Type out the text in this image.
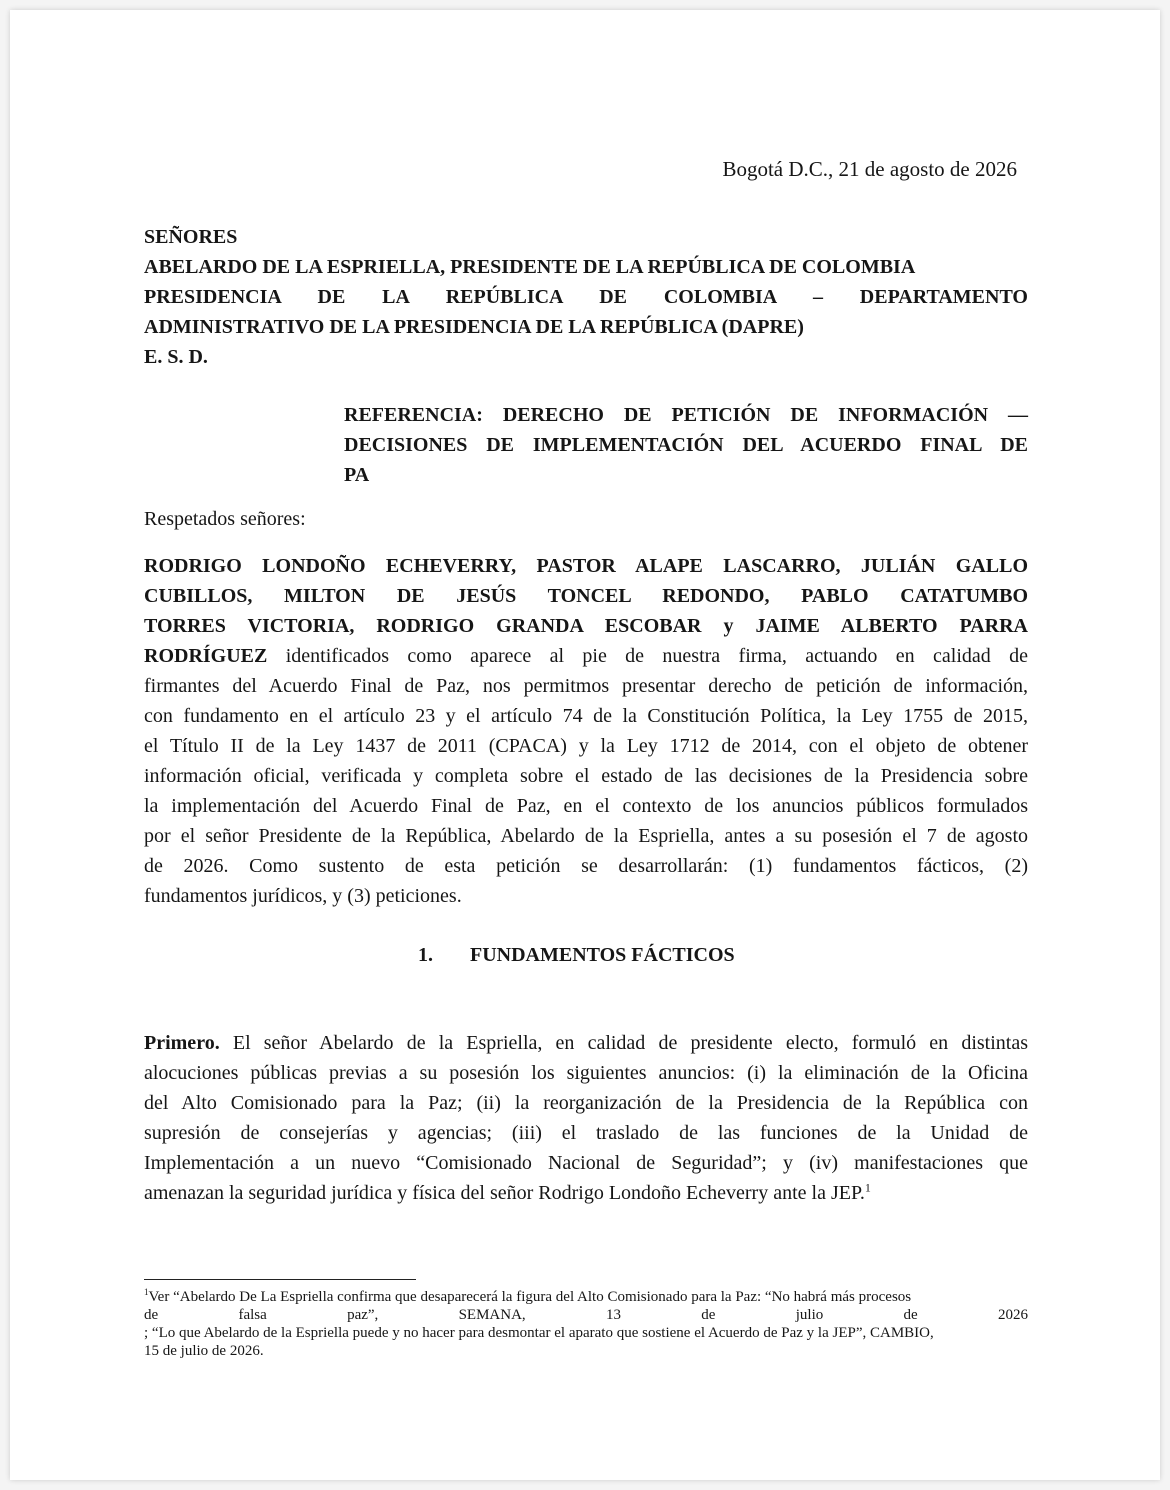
Bogotá D.C., 21 de agosto de 2026
SEÑORES
ABELARDO DE LA ESPRIELLA, PRESIDENTE DE LA REPÚBLICA DE COLOMBIA
PRESIDENCIA DE LA REPÚBLICA DE COLOMBIA – DEPARTAMENTO
ADMINISTRATIVO DE LA PRESIDENCIA DE LA REPÚBLICA (DAPRE)
E. S. D.
REFERENCIA: DERECHO DE PETICIÓN DE INFORMACIÓN —
DECISIONES DE IMPLEMENTACIÓN DEL ACUERDO FINAL DE
PA
Respetados señores:
RODRIGO LONDOÑO ECHEVERRY, PASTOR ALAPE LASCARRO, JULIÁN GALLO
CUBILLOS, MILTON DE JESÚS TONCEL REDONDO, PABLO CATATUMBO
TORRES VICTORIA, RODRIGO GRANDA ESCOBAR y JAIME ALBERTO PARRA
RODRÍGUEZ identificados como aparece al pie de nuestra firma, actuando en calidad de
firmantes del Acuerdo Final de Paz, nos permitmos presentar derecho de petición de información,
con fundamento en el artículo 23 y el artículo 74 de la Constitución Política, la Ley 1755 de 2015,
el Título II de la Ley 1437 de 2011 (CPACA) y la Ley 1712 de 2014, con el objeto de obtener
información oficial, verificada y completa sobre el estado de las decisiones de la Presidencia sobre
la implementación del Acuerdo Final de Paz, en el contexto de los anuncios públicos formulados
por el señor Presidente de la República, Abelardo de la Espriella, antes a su posesión el 7 de agosto
de 2026. Como sustento de esta petición se desarrollarán: (1) fundamentos fácticos, (2)
fundamentos jurídicos, y (3) peticiones.
1. FUNDAMENTOS FÁCTICOS
Primero. El señor Abelardo de la Espriella, en calidad de presidente electo, formuló en distintas
alocuciones públicas previas a su posesión los siguientes anuncios: (i) la eliminación de la Oficina
del Alto Comisionado para la Paz; (ii) la reorganización de la Presidencia de la República con
supresión de consejerías y agencias; (iii) el traslado de las funciones de la Unidad de
Implementación a un nuevo “Comisionado Nacional de Seguridad”; y (iv) manifestaciones que
amenazan la seguridad jurídica y física del señor Rodrigo Londoño Echeverry ante la JEP.$^1$
$^1$Ver “Abelardo De La Espriella confirma que desaparecerá la figura del Alto Comisionado para la Paz: “No habrá más procesos
de falsa paz”, SEMANA, 13 de julio de 2026
; “Lo que Abelardo de la Espriella puede y no hacer para desmontar el aparato que sostiene el Acuerdo de Paz y la JEP”, CAMBIO,
15 de julio de 2026.
